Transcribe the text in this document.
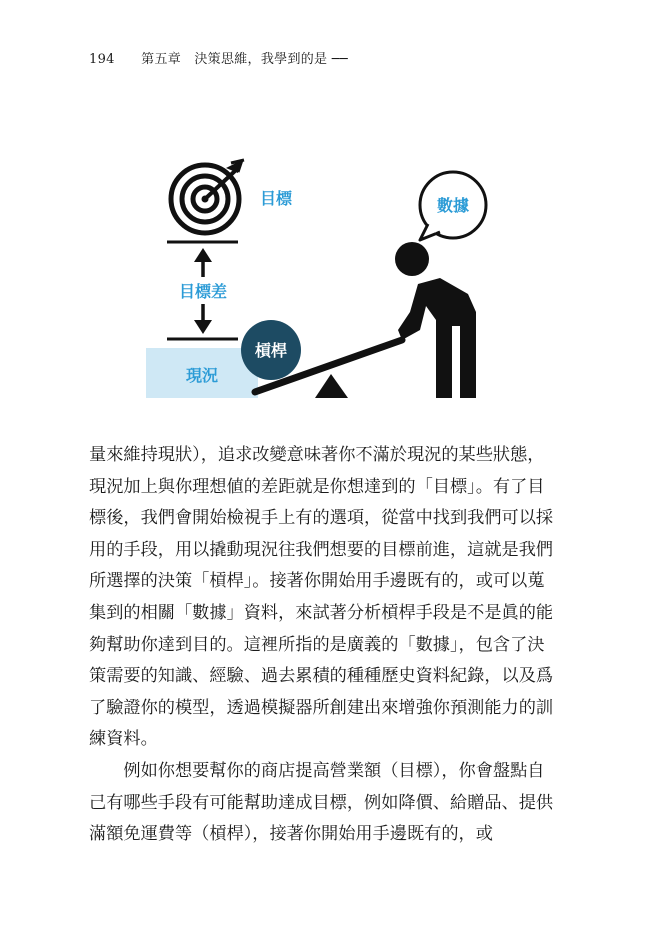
194 第五章　決策思維，我學到的是 ──
目標
目標差
現況
槓桿
數據

量來維持現狀），追求改變意味著你不滿於現況的某些狀態，現況加上與你理想値的差距就是你想達到的「目標」。有了目標後，我們會開始檢視手上有的選項，從當中找到我們可以採用的手段，用以撬動現況往我們想要的目標前進，這就是我們所選擇的決策「槓桿」。接著你開始用手邊既有的，或可以蒐集到的相關「數據」資料，來試著分析槓桿手段是不是眞的能夠幫助你達到目的。這裡所指的是廣義的「數據」，包含了決策需要的知識、經驗、過去累積的種種歷史資料紀錄，以及爲了驗證你的模型，透過模擬器所創建出來增強你預測能力的訓練資料。

例如你想要幫你的商店提高營業額（目標），你會盤點自己有哪些手段有可能幫助達成目標，例如降價、給贈品、提供滿額免運費等（槓桿），接著你開始用手邊既有的，或
